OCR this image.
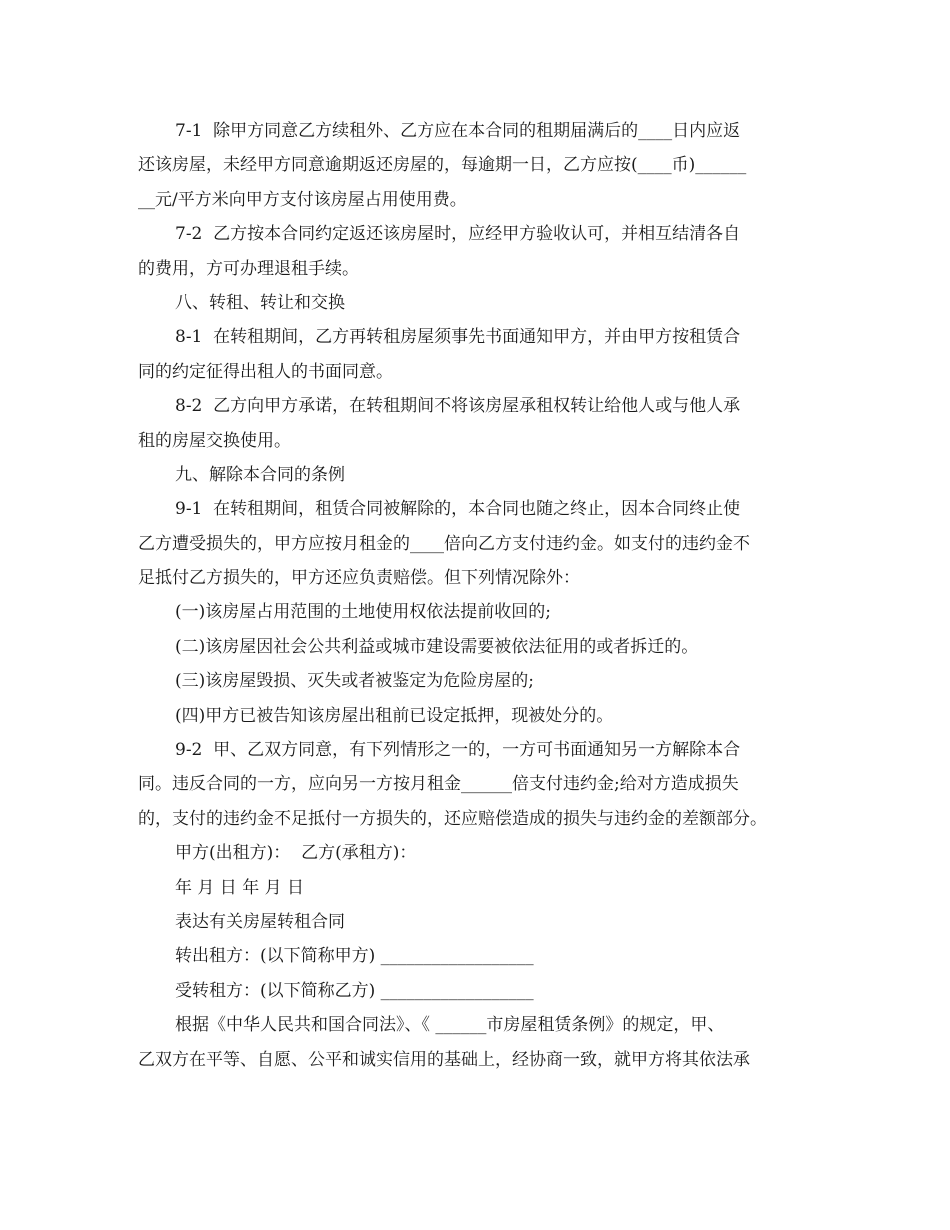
7-1  除甲方同意乙方续租外、乙方应在本合同的租期届满后的____日内应返
还该房屋，未经甲方同意逾期返还房屋的，每逾期一日，乙方应按(____币)______
__元/平方米向甲方支付该房屋占用使用费。
7-2  乙方按本合同约定返还该房屋时，应经甲方验收认可，并相互结清各自
的费用，方可办理退租手续。
八、转租、转让和交换
8-1  在转租期间，乙方再转租房屋须事先书面通知甲方，并由甲方按租赁合
同的约定征得出租人的书面同意。
8-2  乙方向甲方承诺，在转租期间不将该房屋承租权转让给他人或与他人承
租的房屋交换使用。
九、解除本合同的条例
9-1  在转租期间，租赁合同被解除的，本合同也随之终止，因本合同终止使
乙方遭受损失的，甲方应按月租金的____倍向乙方支付违约金。如支付的违约金不
足抵付乙方损失的，甲方还应负责赔偿。但下列情况除外：
(一)该房屋占用范围的土地使用权依法提前收回的;
(二)该房屋因社会公共利益或城市建设需要被依法征用的或者拆迁的。
(三)该房屋毁损、灭失或者被鉴定为危险房屋的;
(四)甲方已被告知该房屋出租前已设定抵押，现被处分的。
9-2  甲、乙双方同意，有下列情形之一的，一方可书面通知另一方解除本合
同。违反合同的一方，应向另一方按月租金______倍支付违约金;给对方造成损失
的，支付的违约金不足抵付一方损失的，还应赔偿造成的损失与违约金的差额部分。
甲方(出租方)：  乙方(承租方)：
年 月 日 年 月 日
表达有关房屋转租合同
转出租方：(以下简称甲方) __________________
受转租方：(以下简称乙方) __________________
根据《中华人民共和国合同法》、《 ______市房屋租赁条例》的规定，甲、
乙双方在平等、自愿、公平和诚实信用的基础上，经协商一致，就甲方将其依法承
